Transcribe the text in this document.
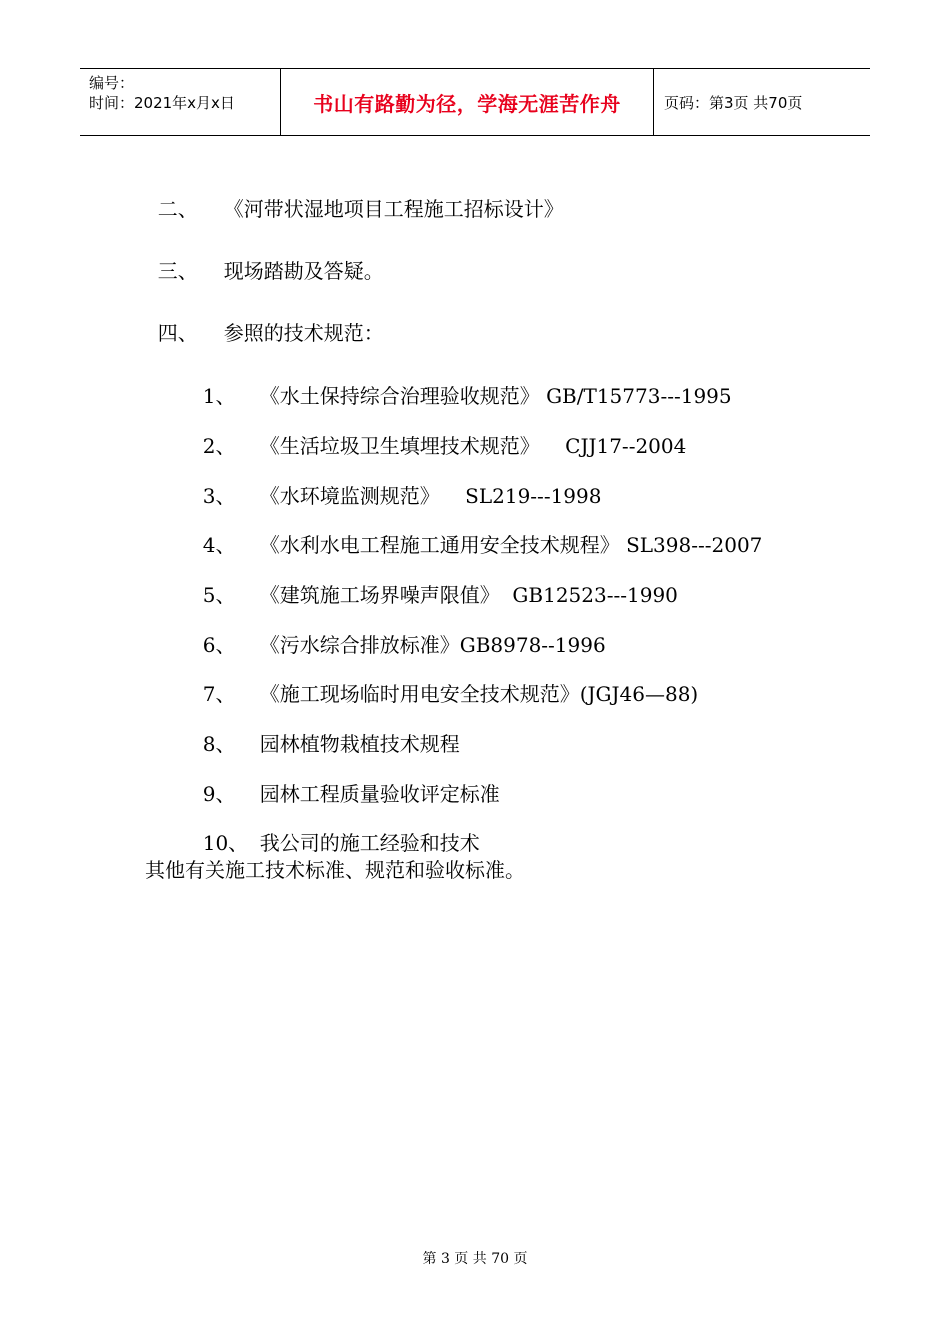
编号：
时间：2021年x月x日	书山有路勤为径，学海无涯苦作舟	页码：第3页 共70页

二、 《河带状湿地项目工程施工招标设计》

三、 现场踏勘及答疑。

四、 参照的技术规范：

1、 《水土保持综合治理验收规范》 GB/T15773---1995

2、 《生活垃圾卫生填埋技术规范》    CJJ17--2004

3、 《水环境监测规范》    SL219---1998

4、 《水利水电工程施工通用安全技术规程》 SL398---2007

5、 《建筑施工场界噪声限值》  GB12523---1990

6、 《污水综合排放标准》GB8978--1996

7、 《施工现场临时用电安全技术规范》(JGJ46—88)

8、 园林植物栽植技术规程

9、 园林工程质量验收评定标准

10、 我公司的施工经验和技术

其他有关施工技术标准、规范和验收标准。
第 3 页 共 70 页
